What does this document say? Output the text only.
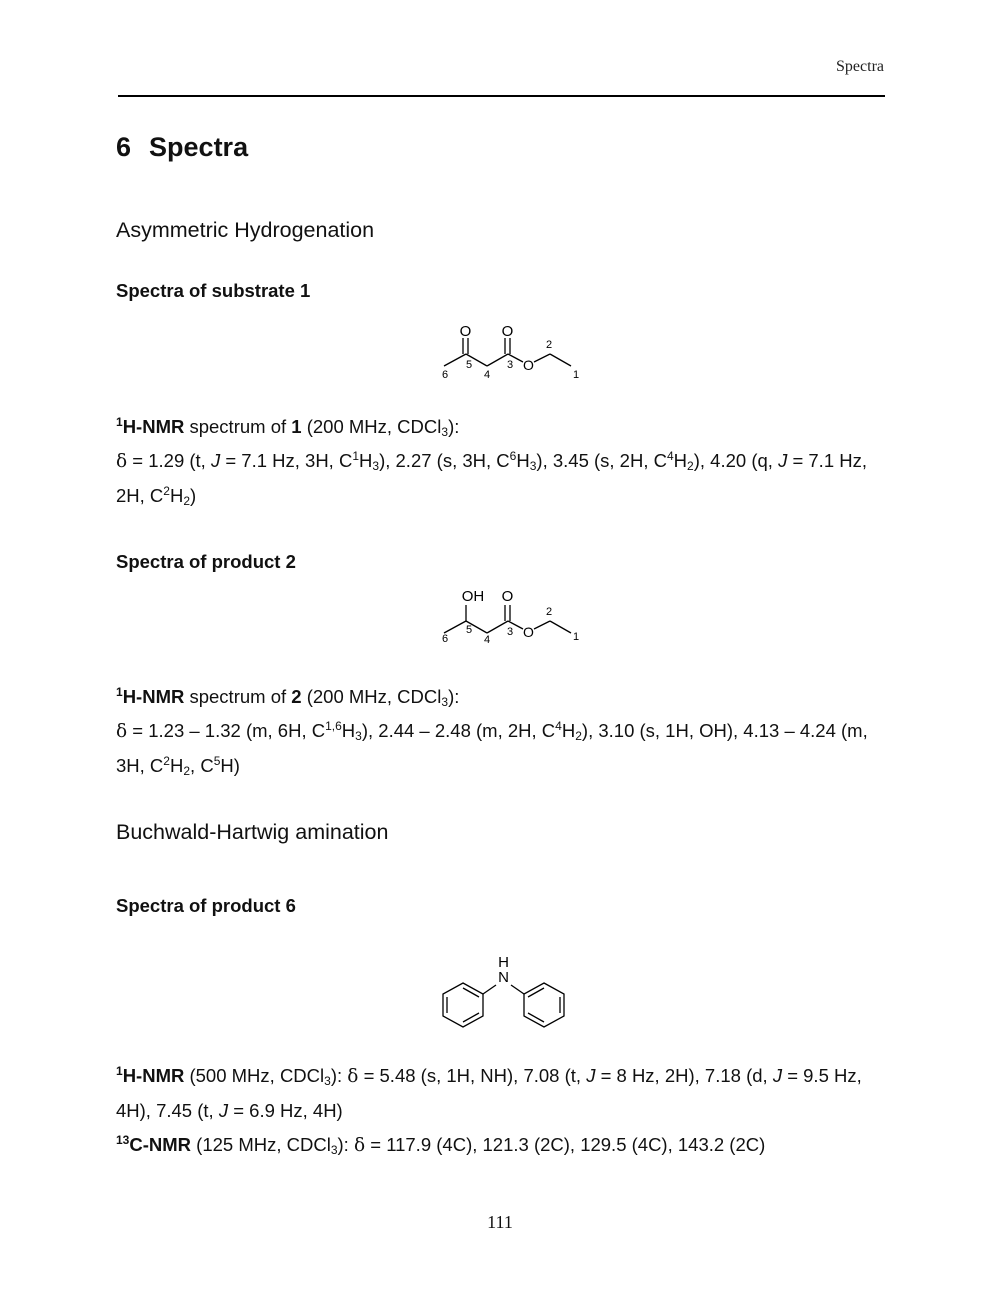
Spectra
6 Spectra
Asymmetric Hydrogenation
Spectra of substrate 1
O O
O
1
2
3
4
5
6

$^1$H-NMR spectrum of 1 (200 MHz, CDCl$_3$):
δ = 1.29 (t, J = 7.1 Hz, 3H, $C^1H_3$), 2.27 (s, 3H, $C^6H_3$), 3.45 (s, 2H, $C^4H_2$), 4.20 (q, J = 7.1 Hz, 2H, $C^2H_2$)

Spectra of product 2
OH O
O	1
2
3
4
5
6

$^1$H-NMR spectrum of 2 (200 MHz, CDCl$_3$):
δ = 1.23 – 1.32 (m, 6H, $C^{1,6}H_3$), 2.44 – 2.48 (m, 2H, $C^4H_2$), 3.10 (s, 1H, OH), 4.13 – 4.24 (m, 3H, $C^2H_2$, $C^5H$)

Buchwald-Hartwig amination
Spectra of product 6
H
N

$^1$H-NMR (500 MHz, CDCl$_3$): δ = 5.48 (s, 1H, NH), 7.08 (t, J = 8 Hz, 2H), 7.18 (d, J = 9.5 Hz, 4H), 7.45 (t, J = 6.9 Hz, 4H)
$^{13}$C-NMR (125 MHz, CDCl$_3$): δ = 117.9 (4C), 121.3 (2C), 129.5 (4C), 143.2 (2C)

111
